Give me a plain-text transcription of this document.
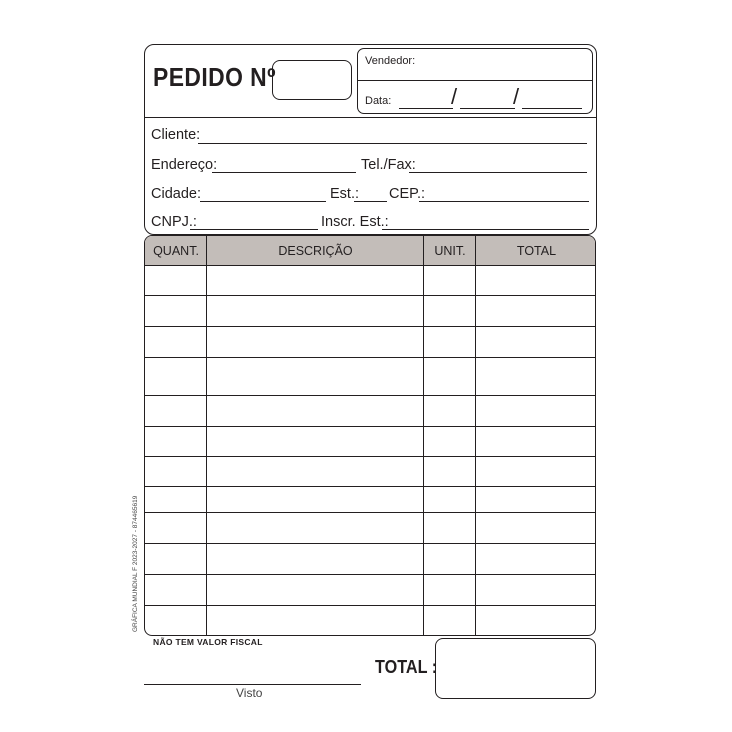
PEDIDO Nº
Vendedor:
Data:	/	/
Cliente:
Endereço:	Tel./Fax:
Cidade:	Est.: CEP.:
CNPJ.:	Inscr. Est.:
QUANT.	DESCRIÇÃO	UNIT.	TOTAL
GRÁFICA MUNDIAL F 2023-2027 - 874465619
NÃO TEM VALOR FISCAL
TOTAL :
Visto
